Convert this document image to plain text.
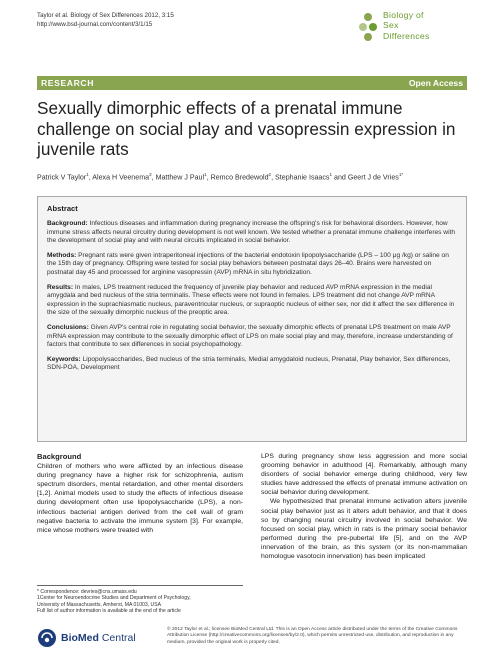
Taylor et al. Biology of Sex Differences 2012, 3:15
http://www.bsd-journal.com/content/3/1/15
Biology of
Sex
Differences
RESEARCH	Open Access
Sexually dimorphic effects of a prenatal immune challenge on social play and vasopressin expression in juvenile rats
Patrick V Taylor$^1$, Alexa H Veenema$^2$, Matthew J Paul$^1$, Remco Bredewold$^2$, Stephanie Isaacs$^1$ and Geert J de Vries$^{1*}$
Abstract

Background: Infectious diseases and inflammation during pregnancy increase the offspring's risk for behavioral disorders. However, how immune stress affects neural circuitry during development is not well known. We tested whether a prenatal immune challenge interferes with the development of social play and with neural circuits implicated in social behavior.

Methods: Pregnant rats were given intraperitoneal injections of the bacterial endotoxin lipopolysaccharide (LPS – 100 μg /kg) or saline on the 15th day of pregnancy. Offspring were tested for social play behaviors between postnatal days 26–40. Brains were harvested on postnatal day 45 and processed for arginine vasopressin (AVP) mRNA in situ hybridization.

Results: In males, LPS treatment reduced the frequency of juvenile play behavior and reduced AVP mRNA expression in the medial amygdala and bed nucleus of the stria terminalis. These effects were not found in females. LPS treatment did not change AVP mRNA expression in the suprachiasmatic nucleus, paraventricular nucleus, or supraoptic nucleus of either sex, nor did it affect the sex difference in the size of the sexually dimorphic nucleus of the preoptic area.

Conclusions: Given AVP's central role in regulating social behavior, the sexually dimorphic effects of prenatal LPS treatment on male AVP mRNA expression may contribute to the sexually dimorphic effect of LPS on male social play and may, therefore, increase understanding of factors that contribute to sex differences in social psychopathology.

Keywords: Lipopolysaccharides, Bed nucleus of the stria terminalis, Medial amygdaloid nucleus, Prenatal, Play behavior, Sex differences, SDN-POA, Development

Background

Children of mothers who were afflicted by an infectious disease during pregnancy have a higher risk for schizophrenia, autism spectrum disorders, mental retardation, and other mental disorders [1,2]. Animal models used to study the effects of infectious disease during development often use lipopolysaccharide (LPS), a non-infectious bacterial antigen derived from the cell wall of gram negative bacteria to activate the immune system [3]. For example, mice whose mothers were treated with

LPS during pregnancy show less aggression and more social grooming behavior in adulthood [4]. Remarkably, although many disorders of social behavior emerge during childhood, very few studies have addressed the effects of prenatal immune activation on social behavior during development.

We hypothesized that prenatal immune activation alters juvenile social play behavior just as it alters adult behavior, and that it does so by changing neural circuitry involved in social behavior. We focused on social play, which in rats is the primary social behavior performed during the pre-pubertal life [5], and on the AVP innervation of the brain, as this system (or its non-mammalian homologue vasotocin innervation) has been implicated

* Correspondence: devries@cns.umass.edu
1Center for Neuroendocrine Studies and Department of Psychology,
University of Massachusetts, Amherst, MA 01003, USA
Full list of author information is available at the end of the article
BioMed Central
© 2012 Taylor et al.; licensee BioMed Central Ltd. This is an Open Access article distributed under the terms of the Creative Commons Attribution License (http://creativecommons.org/licenses/by/2.0), which permits unrestricted use, distribution, and reproduction in any medium, provided the original work is properly cited.
